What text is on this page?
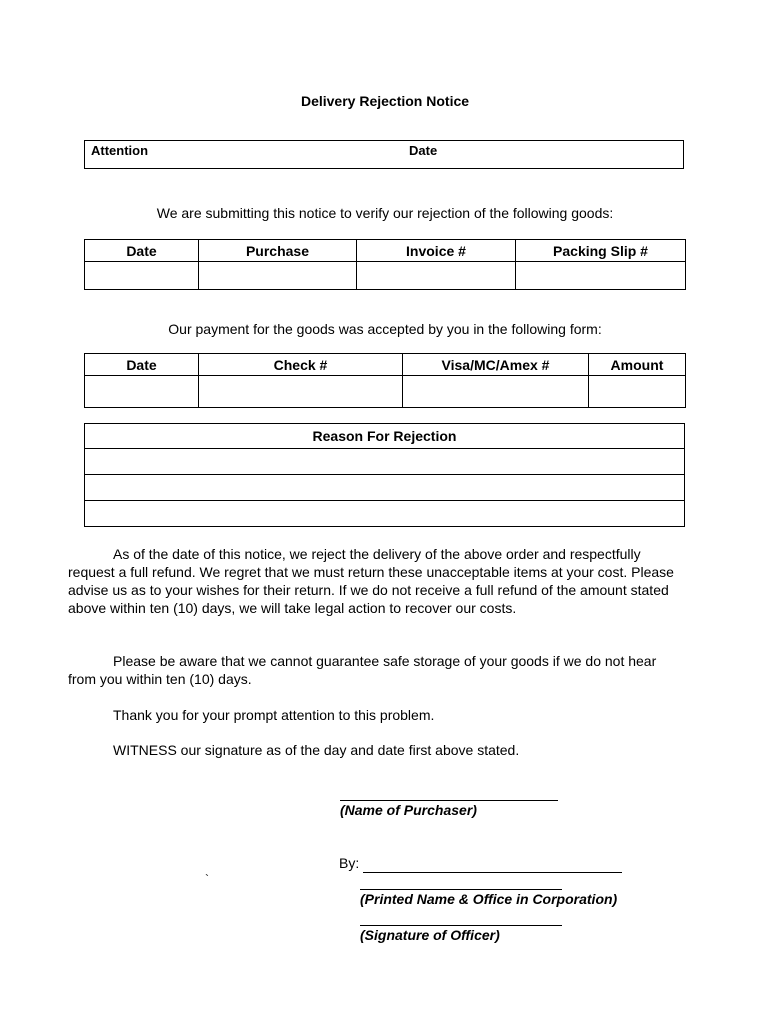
Delivery Rejection Notice
Attention	Date
We are submitting this notice to verify our rejection of the following goods:
Date	Purchase	Invoice #	Packing Slip #

Our payment for the goods was accepted by you in the following form:
Date	Check #	Visa/MC/Amex #	Amount

Reason For Rejection

As of the date of this notice, we reject the delivery of the above order and respectfully request a full refund. We regret that we must return these unacceptable items at your cost. Please advise us as to your wishes for their return. If we do not receive a full refund of the amount stated above within ten (10) days, we will take legal action to recover our costs.
Please be aware that we cannot guarantee safe storage of your goods if we do not hear from you within ten (10) days.
Thank you for your prompt attention to this problem.
WITNESS our signature as of the day and date first above stated.
(Name of Purchaser)
By:
`
(Printed Name & Office in Corporation)
(Signature of Officer)
